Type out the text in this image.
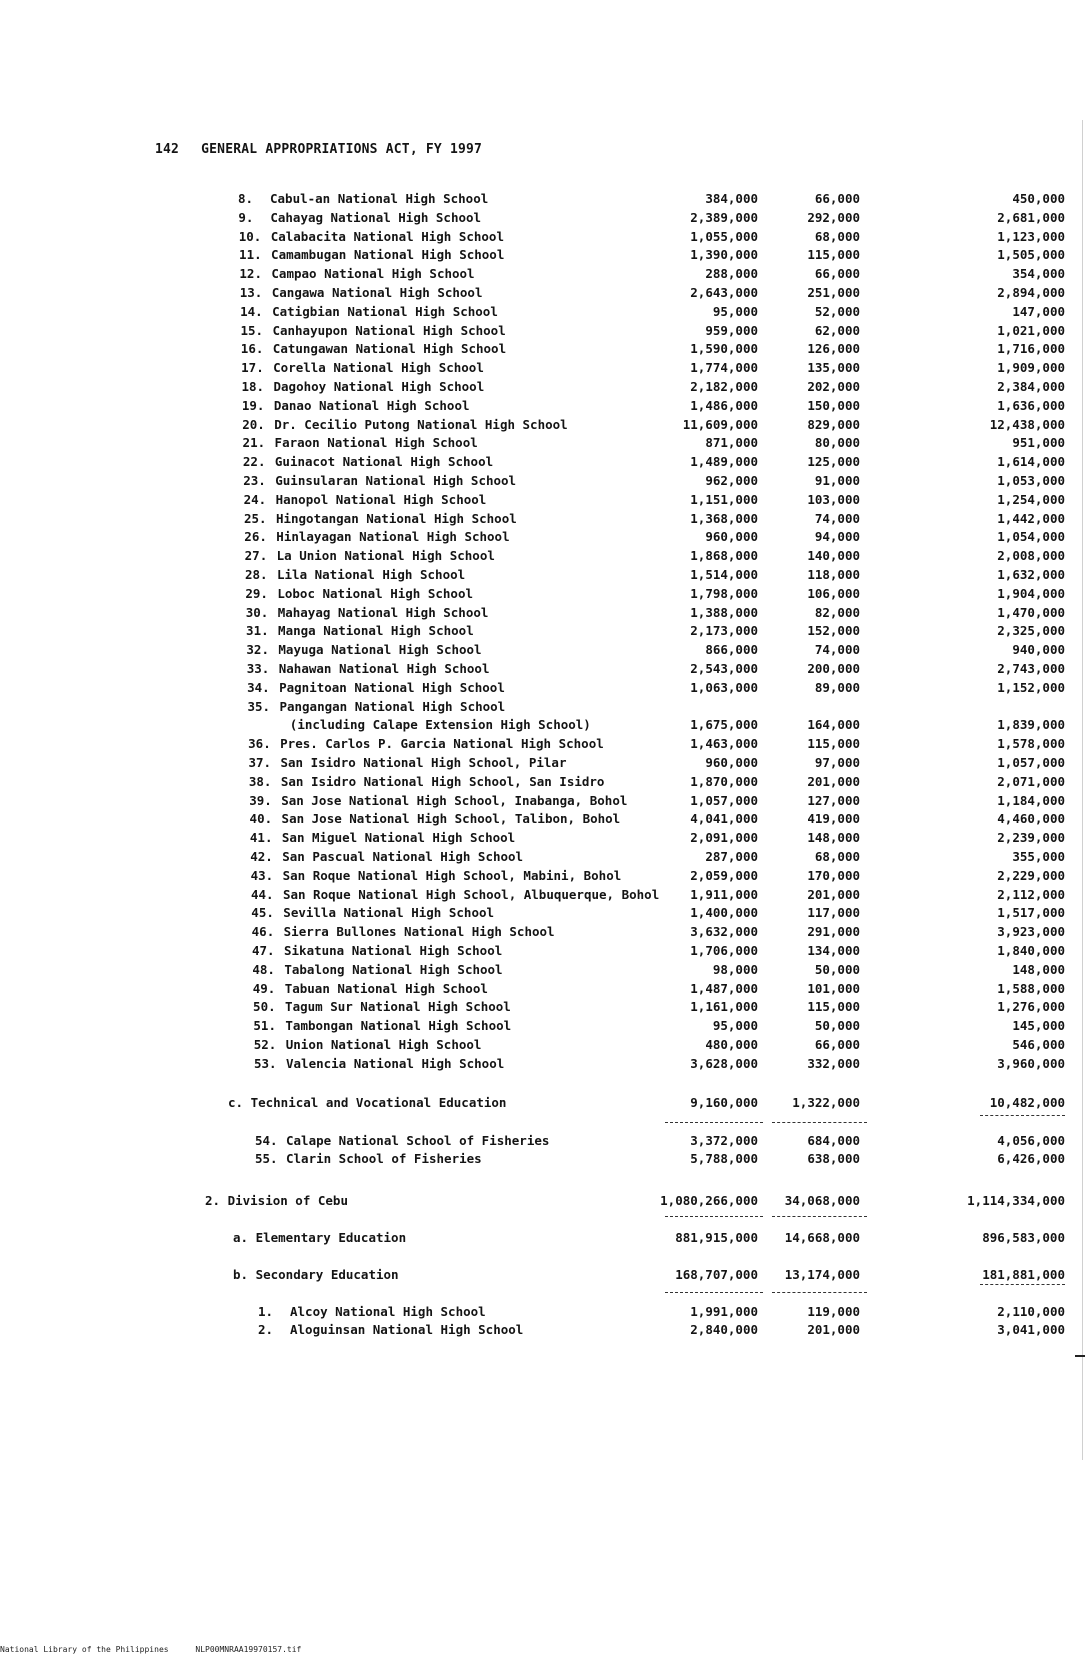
142 GENERAL APPROPRIATIONS ACT, FY 1997
8. Cabul-an National High School	384,000	66,000	450,000
9. Cahayag National High School	2,389,000	292,000	2,681,000
10. Calabacita National High School	1,055,000	68,000	1,123,000
11. Camambugan National High School	1,390,000	115,000	1,505,000
12. Campao National High School	288,000	66,000	354,000
13. Cangawa National High School	2,643,000	251,000	2,894,000
14. Catigbian National High School	95,000	52,000	147,000
15. Canhayupon National High School	959,000	62,000	1,021,000
16. Catungawan National High School	1,590,000	126,000	1,716,000
17. Corella National High School	1,774,000	135,000	1,909,000
18. Dagohoy National High School	2,182,000	202,000	2,384,000
19. Danao National High School	1,486,000	150,000	1,636,000
20. Dr. Cecilio Putong National High School	11,609,000	829,000	12,438,000
21. Faraon National High School	871,000	80,000	951,000
22. Guinacot National High School	1,489,000	125,000	1,614,000
23. Guinsularan National High School	962,000	91,000	1,053,000
24. Hanopol National High School	1,151,000	103,000	1,254,000
25. Hingotangan National High School	1,368,000	74,000	1,442,000
26. Hinlayagan National High School	960,000	94,000	1,054,000
27. La Union National High School	1,868,000	140,000	2,008,000
28. Lila National High School	1,514,000	118,000	1,632,000
29. Loboc National High School	1,798,000	106,000	1,904,000
30. Mahayag National High School	1,388,000	82,000	1,470,000
31. Manga National High School	2,173,000	152,000	2,325,000
32. Mayuga National High School	866,000	74,000	940,000
33. Nahawan National High School	2,543,000	200,000	2,743,000
34. Pagnitoan National High School	1,063,000	89,000	1,152,000
35. Pangangan National High School
(including Calape Extension High School)	1,675,000	164,000	1,839,000
36. Pres. Carlos P. Garcia National High School	1,463,000	115,000	1,578,000
37. San Isidro National High School, Pilar	960,000	97,000	1,057,000
38. San Isidro National High School, San Isidro	1,870,000	201,000	2,071,000
39. San Jose National High School, Inabanga, Bohol	1,057,000	127,000	1,184,000
40. San Jose National High School, Talibon, Bohol	4,041,000	419,000	4,460,000
41. San Miguel National High School	2,091,000	148,000	2,239,000
42. San Pascual National High School	287,000	68,000	355,000
43. San Roque National High School, Mabini, Bohol	2,059,000	170,000	2,229,000
44. San Roque National High School, Albuquerque, Bohol 1,911,000	201,000	2,112,000
45. Sevilla National High School	1,400,000	117,000	1,517,000
46. Sierra Bullones National High School	3,632,000	291,000	3,923,000
47. Sikatuna National High School	1,706,000	134,000	1,840,000
48. Tabalong National High School	98,000	50,000	148,000
49. Tabuan National High School	1,487,000	101,000	1,588,000
50. Tagum Sur National High School	1,161,000	115,000	1,276,000
51. Tambongan National High School	95,000	50,000	145,000
52. Union National High School	480,000	66,000	546,000
53. Valencia National High School	3,628,000	332,000	3,960,000
c. Technical and Vocational Education	9,160,000	1,322,000	10,482,000
54. Calape National School of Fisheries	3,372,000	684,000	4,056,000
55. Clarin School of Fisheries	5,788,000	638,000	6,426,000
2. Division of Cebu	1,080,266,000 34,068,000	1,114,334,000
a. Elementary Education	881,915,000 14,668,000	896,583,000
b. Secondary Education	168,707,000 13,174,000	181,881,000
1. Alcoy National High School	1,991,000	119,000	2,110,000
2. Aloguinsan National High School	2,840,000	201,000	3,041,000
National Library of the Philippines	NLP00MNRAA19970157.tif
